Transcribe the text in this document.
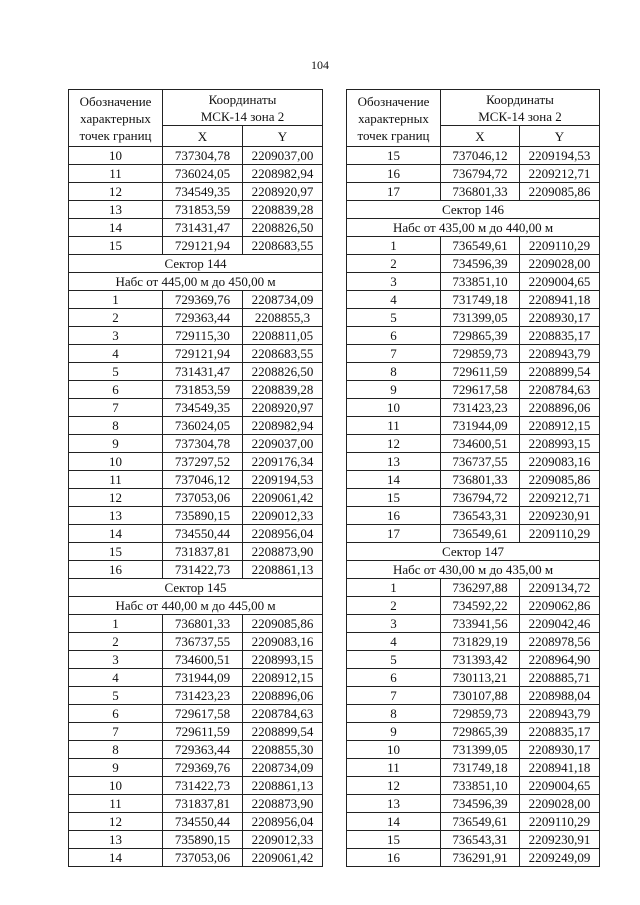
104
Обозначение характерных точек границ	Координаты
МСК-14 зона 2	

	X	Y
10	737304,78	2209037,00
11	736024,05	2208982,94
12	734549,35	2208920,97
13	731853,59	2208839,28
14	731431,47	2208826,50
15	729121,94	2208683,55
Сектор 144		
Набс от 445,00 м до 450,00 м		
1	729369,76	2208734,09
2	729363,44	2208855,3
3	729115,30	2208811,05
4	729121,94	2208683,55
5	731431,47	2208826,50
6	731853,59	2208839,28
7	734549,35	2208920,97
8	736024,05	2208982,94
9	737304,78	2209037,00
10	737297,52	2209176,34
11	737046,12	2209194,53
12	737053,06	2209061,42
13	735890,15	2209012,33
14	734550,44	2208956,04
15	731837,81	2208873,90
16	731422,73	2208861,13
Сектор 145		
Набс от 440,00 м до 445,00 м		
1	736801,33	2209085,86
2	736737,55	2209083,16
3	734600,51	2208993,15
4	731944,09	2208912,15
5	731423,23	2208896,06
6	729617,58	2208784,63
7	729611,59	2208899,54
8	729363,44	2208855,30
9	729369,76	2208734,09
10	731422,73	2208861,13
11	731837,81	2208873,90
12	734550,44	2208956,04
13	735890,15	2209012,33
14	737053,06	2209061,42
Обозначение характерных точек границ	Координаты
МСК-14 зона 2	

	X	Y
15	737046,12	2209194,53
16	736794,72	2209212,71
17	736801,33	2209085,86
Сектор 146		
Набс от 435,00 м до 440,00 м		
1	736549,61	2209110,29
2	734596,39	2209028,00
3	733851,10	2209004,65
4	731749,18	2208941,18
5	731399,05	2208930,17
6	729865,39	2208835,17
7	729859,73	2208943,79
8	729611,59	2208899,54
9	729617,58	2208784,63
10	731423,23	2208896,06
11	731944,09	2208912,15
12	734600,51	2208993,15
13	736737,55	2209083,16
14	736801,33	2209085,86
15	736794,72	2209212,71
16	736543,31	2209230,91
17	736549,61	2209110,29
Сектор 147		
Набс от 430,00 м до 435,00 м		
1	736297,88	2209134,72
2	734592,22	2209062,86
3	733941,56	2209042,46
4	731829,19	2208978,56
5	731393,42	2208964,90
6	730113,21	2208885,71
7	730107,88	2208988,04
8	729859,73	2208943,79
9	729865,39	2208835,17
10	731399,05	2208930,17
11	731749,18	2208941,18
12	733851,10	2209004,65
13	734596,39	2209028,00
14	736549,61	2209110,29
15	736543,31	2209230,91
16	736291,91	2209249,09
